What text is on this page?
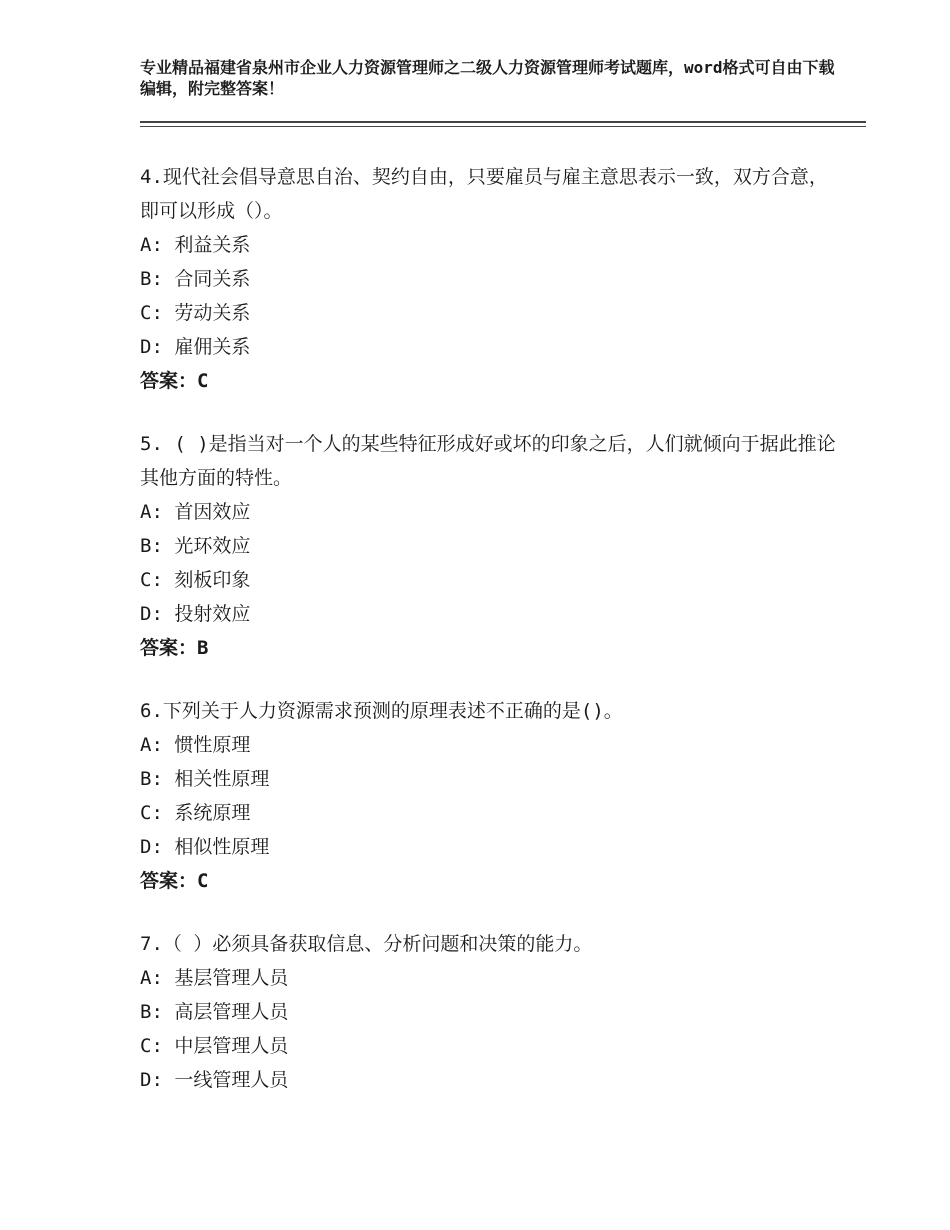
专业精品福建省泉州市企业人力资源管理师之二级人力资源管理师考试题库，word格式可自由下载编辑，附完整答案！
4.现代社会倡导意思自治、契约自由，只要雇员与雇主意思表示一致，双方合意，即可以形成（）。
A: 利益关系
B: 合同关系
C: 劳动关系
D: 雇佣关系
答案：C
5. ( )是指当对一个人的某些特征形成好或坏的印象之后，人们就倾向于据此推论其他方面的特性。
A: 首因效应
B: 光环效应
C: 刻板印象
D: 投射效应
答案：B
6.下列关于人力资源需求预测的原理表述不正确的是()。
A: 惯性原理
B: 相关性原理
C: 系统原理
D: 相似性原理
答案：C
7.（ ）必须具备获取信息、分析问题和决策的能力。
A: 基层管理人员
B: 高层管理人员
C: 中层管理人员
D: 一线管理人员
